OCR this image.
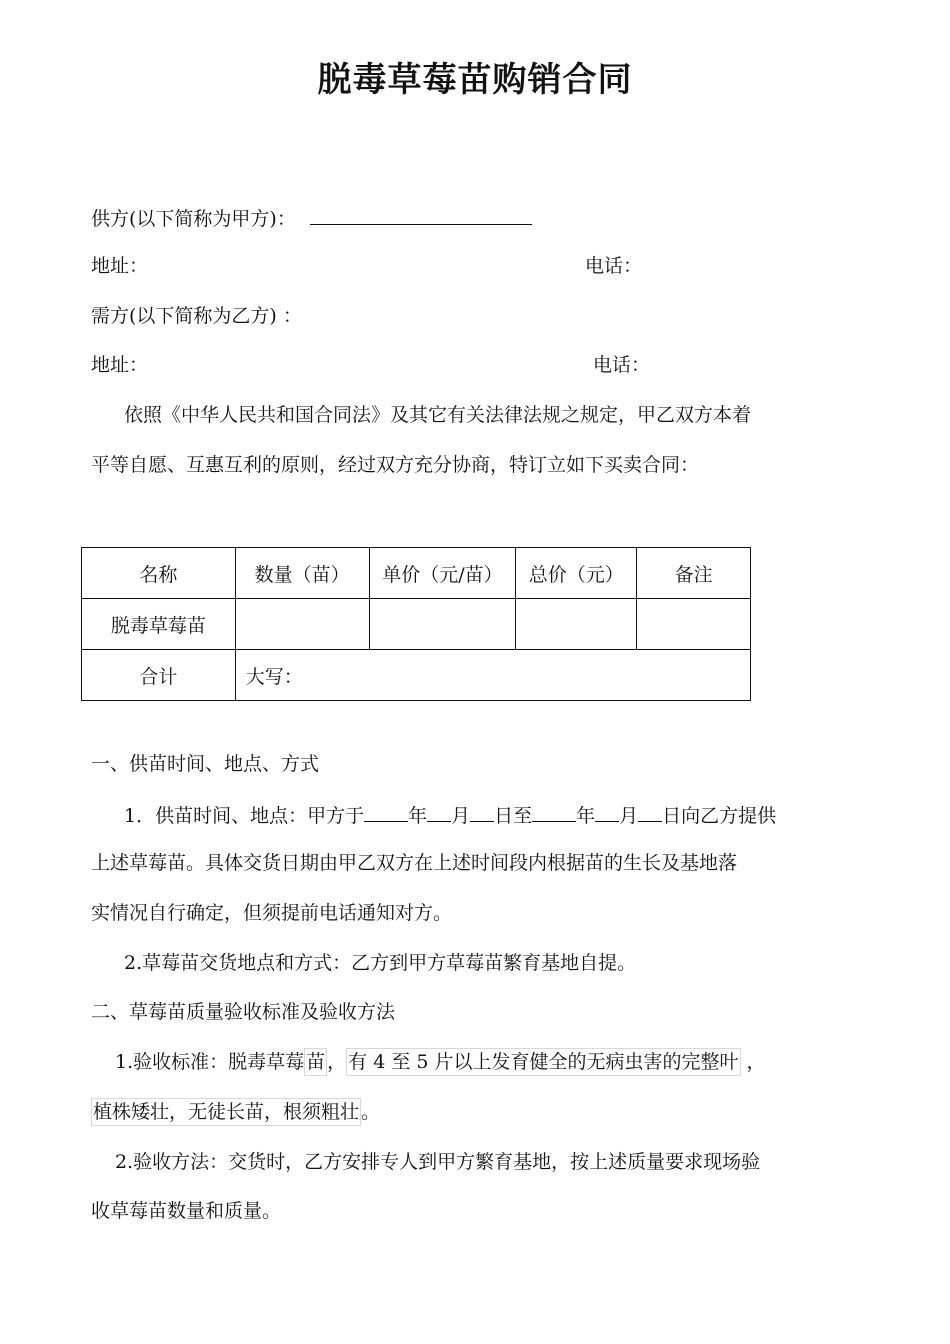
脱毒草莓苗购销合同
供方(以下简称为甲方)：
地址：	电话：
需方(以下简称为乙方) ：
地址：	电话：
依照《中华人民共和国合同法》及其它有关法律法规之规定，甲乙双方本着
平等自愿、互惠互利的原则，经过双方充分协商，特订立如下买卖合同：
名称	数量（苗）	单价（元/苗）	总价（元）	备注
脱毒草莓苗				
合计	大写：			
一、供苗时间、地点、方式
1．供苗时间、地点：甲方于 年 月 日至 年 月 日向乙方提供
上述草莓苗。具体交货日期由甲乙双方在上述时间段内根据苗的生长及基地落
实情况自行确定，但须提前电话通知对方。
2.草莓苗交货地点和方式：乙方到甲方草莓苗繁育基地自提。
二、草莓苗质量验收标准及验收方法
1.验收标准：脱毒草莓 苗 ， 有 4 至 5 片以上发育健全的无病虫害的完整叶 ，
植株矮壮，无徒长苗，根须粗壮 。
2.验收方法：交货时，乙方安排专人到甲方繁育基地，按上述质量要求现场验
收草莓苗数量和质量。
